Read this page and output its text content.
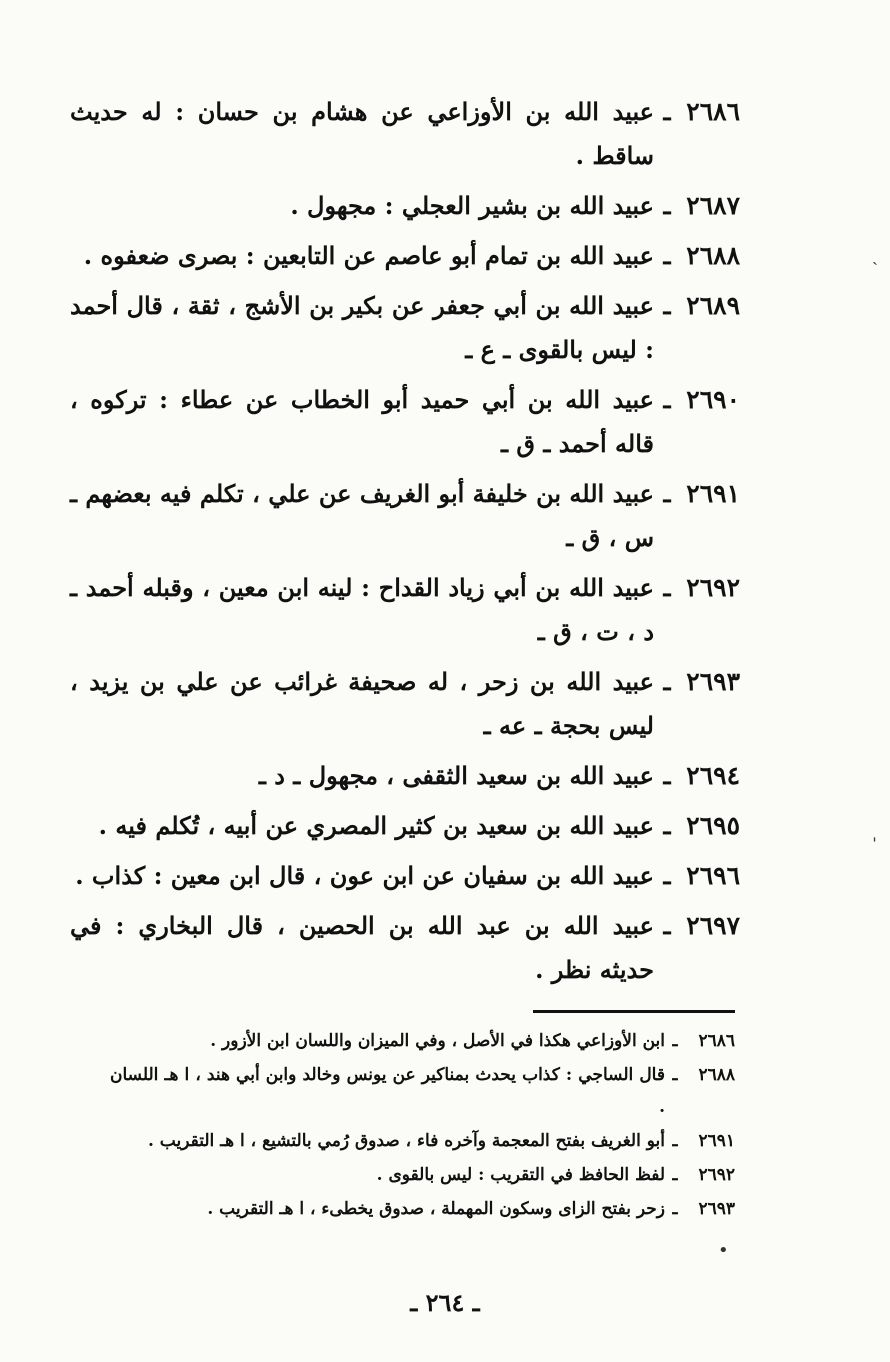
٢٦٨٦
ـ
عبيد الله بن الأوزاعي عن هشام بن حسان : له حديث ساقط .
٢٦٨٧
ـ
عبيد الله بن بشير العجلي : مجهول .
٢٦٨٨
ـ
عبيد الله بن تمام أبو عاصم عن التابعين : بصرى ضعفوه .
٢٦٨٩
ـ
عبيد الله بن أبي جعفر عن بكير بن الأشج ، ثقة ، قال أحمد : ليس بالقوى ـ ع ـ
٢٦٩٠
ـ
عبيد الله بن أبي حميد أبو الخطاب عن عطاء : تركوه ، قاله أحمد ـ ق ـ
٢٦٩١
ـ
عبيد الله بن خليفة أبو الغريف عن علي ، تكلم فيه بعضهم ـ س ، ق ـ
٢٦٩٢
ـ
عبيد الله بن أبي زياد القداح : لينه ابن معين ، وقبله أحمد ـ د ، ت ، ق ـ
٢٦٩٣
ـ
عبيد الله بن زحر ، له صحيفة غرائب عن علي بن يزيد ، ليس بحجة ـ عه ـ
٢٦٩٤
ـ
عبيد الله بن سعيد الثقفى ، مجهول ـ د ـ
٢٦٩٥
ـ
عبيد الله بن سعيد بن كثير المصري عن أبيه ، تُكلم فيه .
٢٦٩٦
ـ
عبيد الله بن سفيان عن ابن عون ، قال ابن معين : كذاب .
٢٦٩٧
ـ
عبيد الله بن عبد الله بن الحصين ، قال البخاري : في حديثه نظر .
٢٦٨٦
ـ
ابن الأوزاعي هكذا في الأصل ، وفي الميزان واللسان ابن الأزور .
٢٦٨٨
ـ
قال الساجي : كذاب يحدث بمناكير عن يونس وخالد وابن أبي هند ، ا هـ اللسان .
٢٦٩١
ـ
أبو الغريف بفتح المعجمة وآخره فاء ، صدوق رُمي بالتشيع ، ا هـ التقريب .
٢٦٩٢
ـ
لفظ الحافظ في التقريب : ليس بالقوى .
٢٦٩٣
ـ
زحر بفتح الزاى وسكون المهملة ، صدوق يخطىء ، ا هـ التقريب .
•
ˎ
ˈ
ـ ٢٦٤ ـ
